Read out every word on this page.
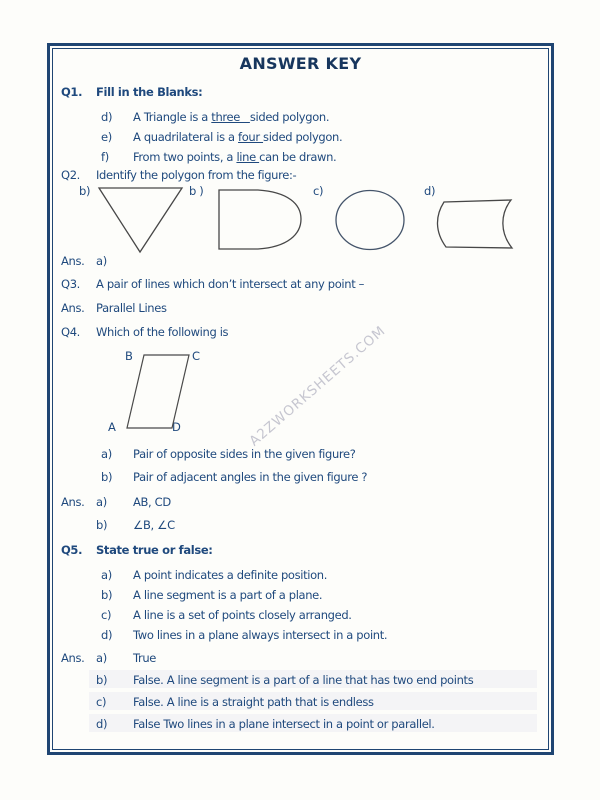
A2ZWORKSHEETS.COM
ANSWER KEY
Q1. Fill in the Blanks:
d) A Triangle is a three   sided polygon.
e) A quadrilateral is a four sided polygon.
f) From two points, a line can be drawn.
Q2. Identify the polygon from the figure:-
b)	b )	c)	d)
Ans. a)
Q3. A pair of lines which don’t intersect at any point –
Ans. Parallel Lines
Q4. Which of the following is
B	C
A	D
a) Pair of opposite sides in the given figure?
b) Pair of adjacent angles in the given figure ?
Ans. a) AB, CD
b) ∠B, ∠C
Q5. State true or false:
a) A point indicates a definite position.
b) A line segment is a part of a plane.
c) A line is a set of points closely arranged.
d) Two lines in a plane always intersect in a point.
Ans. a) True
b) False. A line segment is a part of a line that has two end points
c) False. A line is a straight path that is endless
d) False Two lines in a plane intersect in a point or parallel.
